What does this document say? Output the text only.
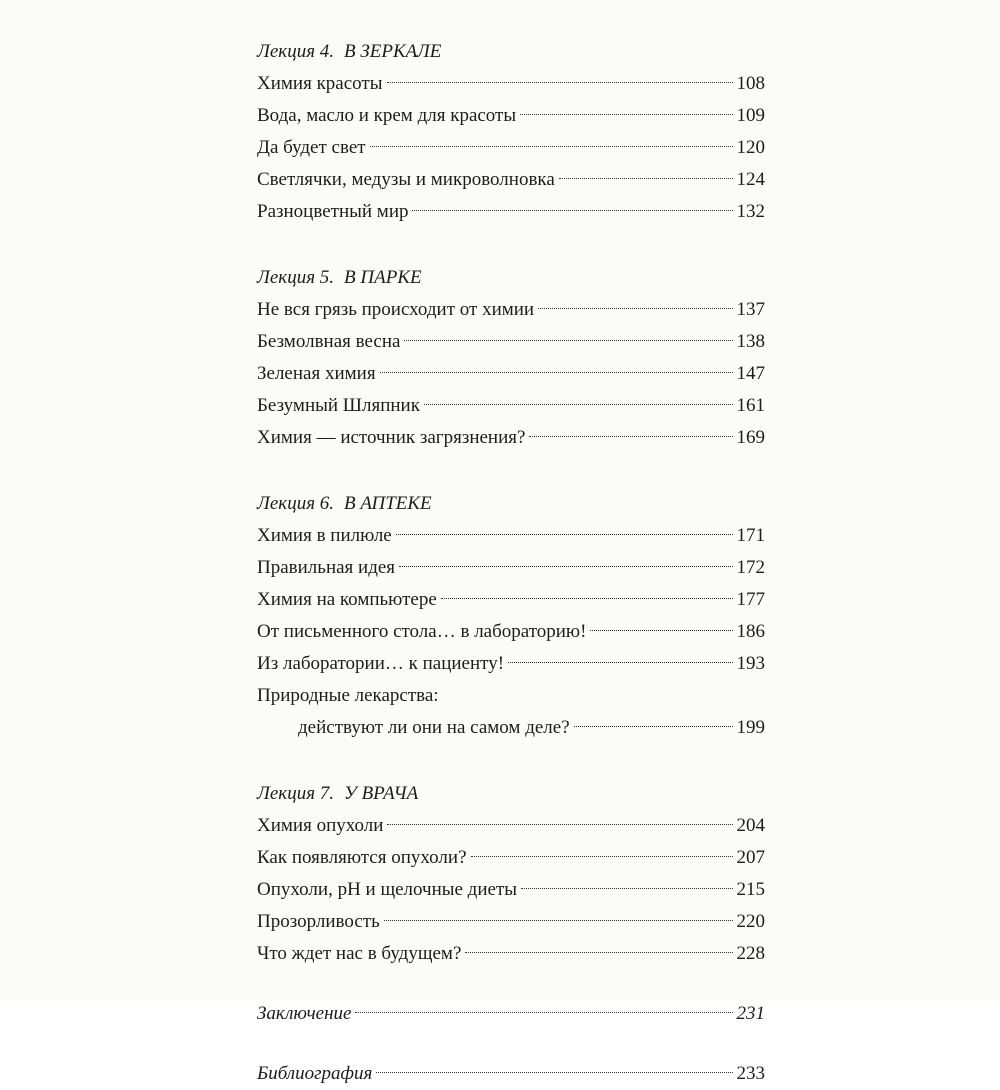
Лекция 4. В ЗЕРКАЛЕ
Химия красоты	108
Вода, масло и крем для красоты	109
Да будет свет	120
Светлячки, медузы и микроволновка	124
Разноцветный мир	132
Лекция 5. В ПАРКЕ
Не вся грязь происходит от химии	137
Безмолвная весна	138
Зеленая химия	147
Безумный Шляпник	161
Химия — источник загрязнения?	169
Лекция 6. В АПТЕКЕ
Химия в пилюле	171
Правильная идея	172
Химия на компьютере	177
От письменного стола… в лабораторию!	186
Из лаборатории… к пациенту!	193
Природные лекарства:
действуют ли они на самом деле?	199
Лекция 7. У ВРАЧА
Химия опухоли	204
Как появляются опухоли?	207
Опухоли, pH и щелочные диеты	215
Прозорливость	220
Что ждет нас в будущем?	228
Заключение	231
Библиография	233
